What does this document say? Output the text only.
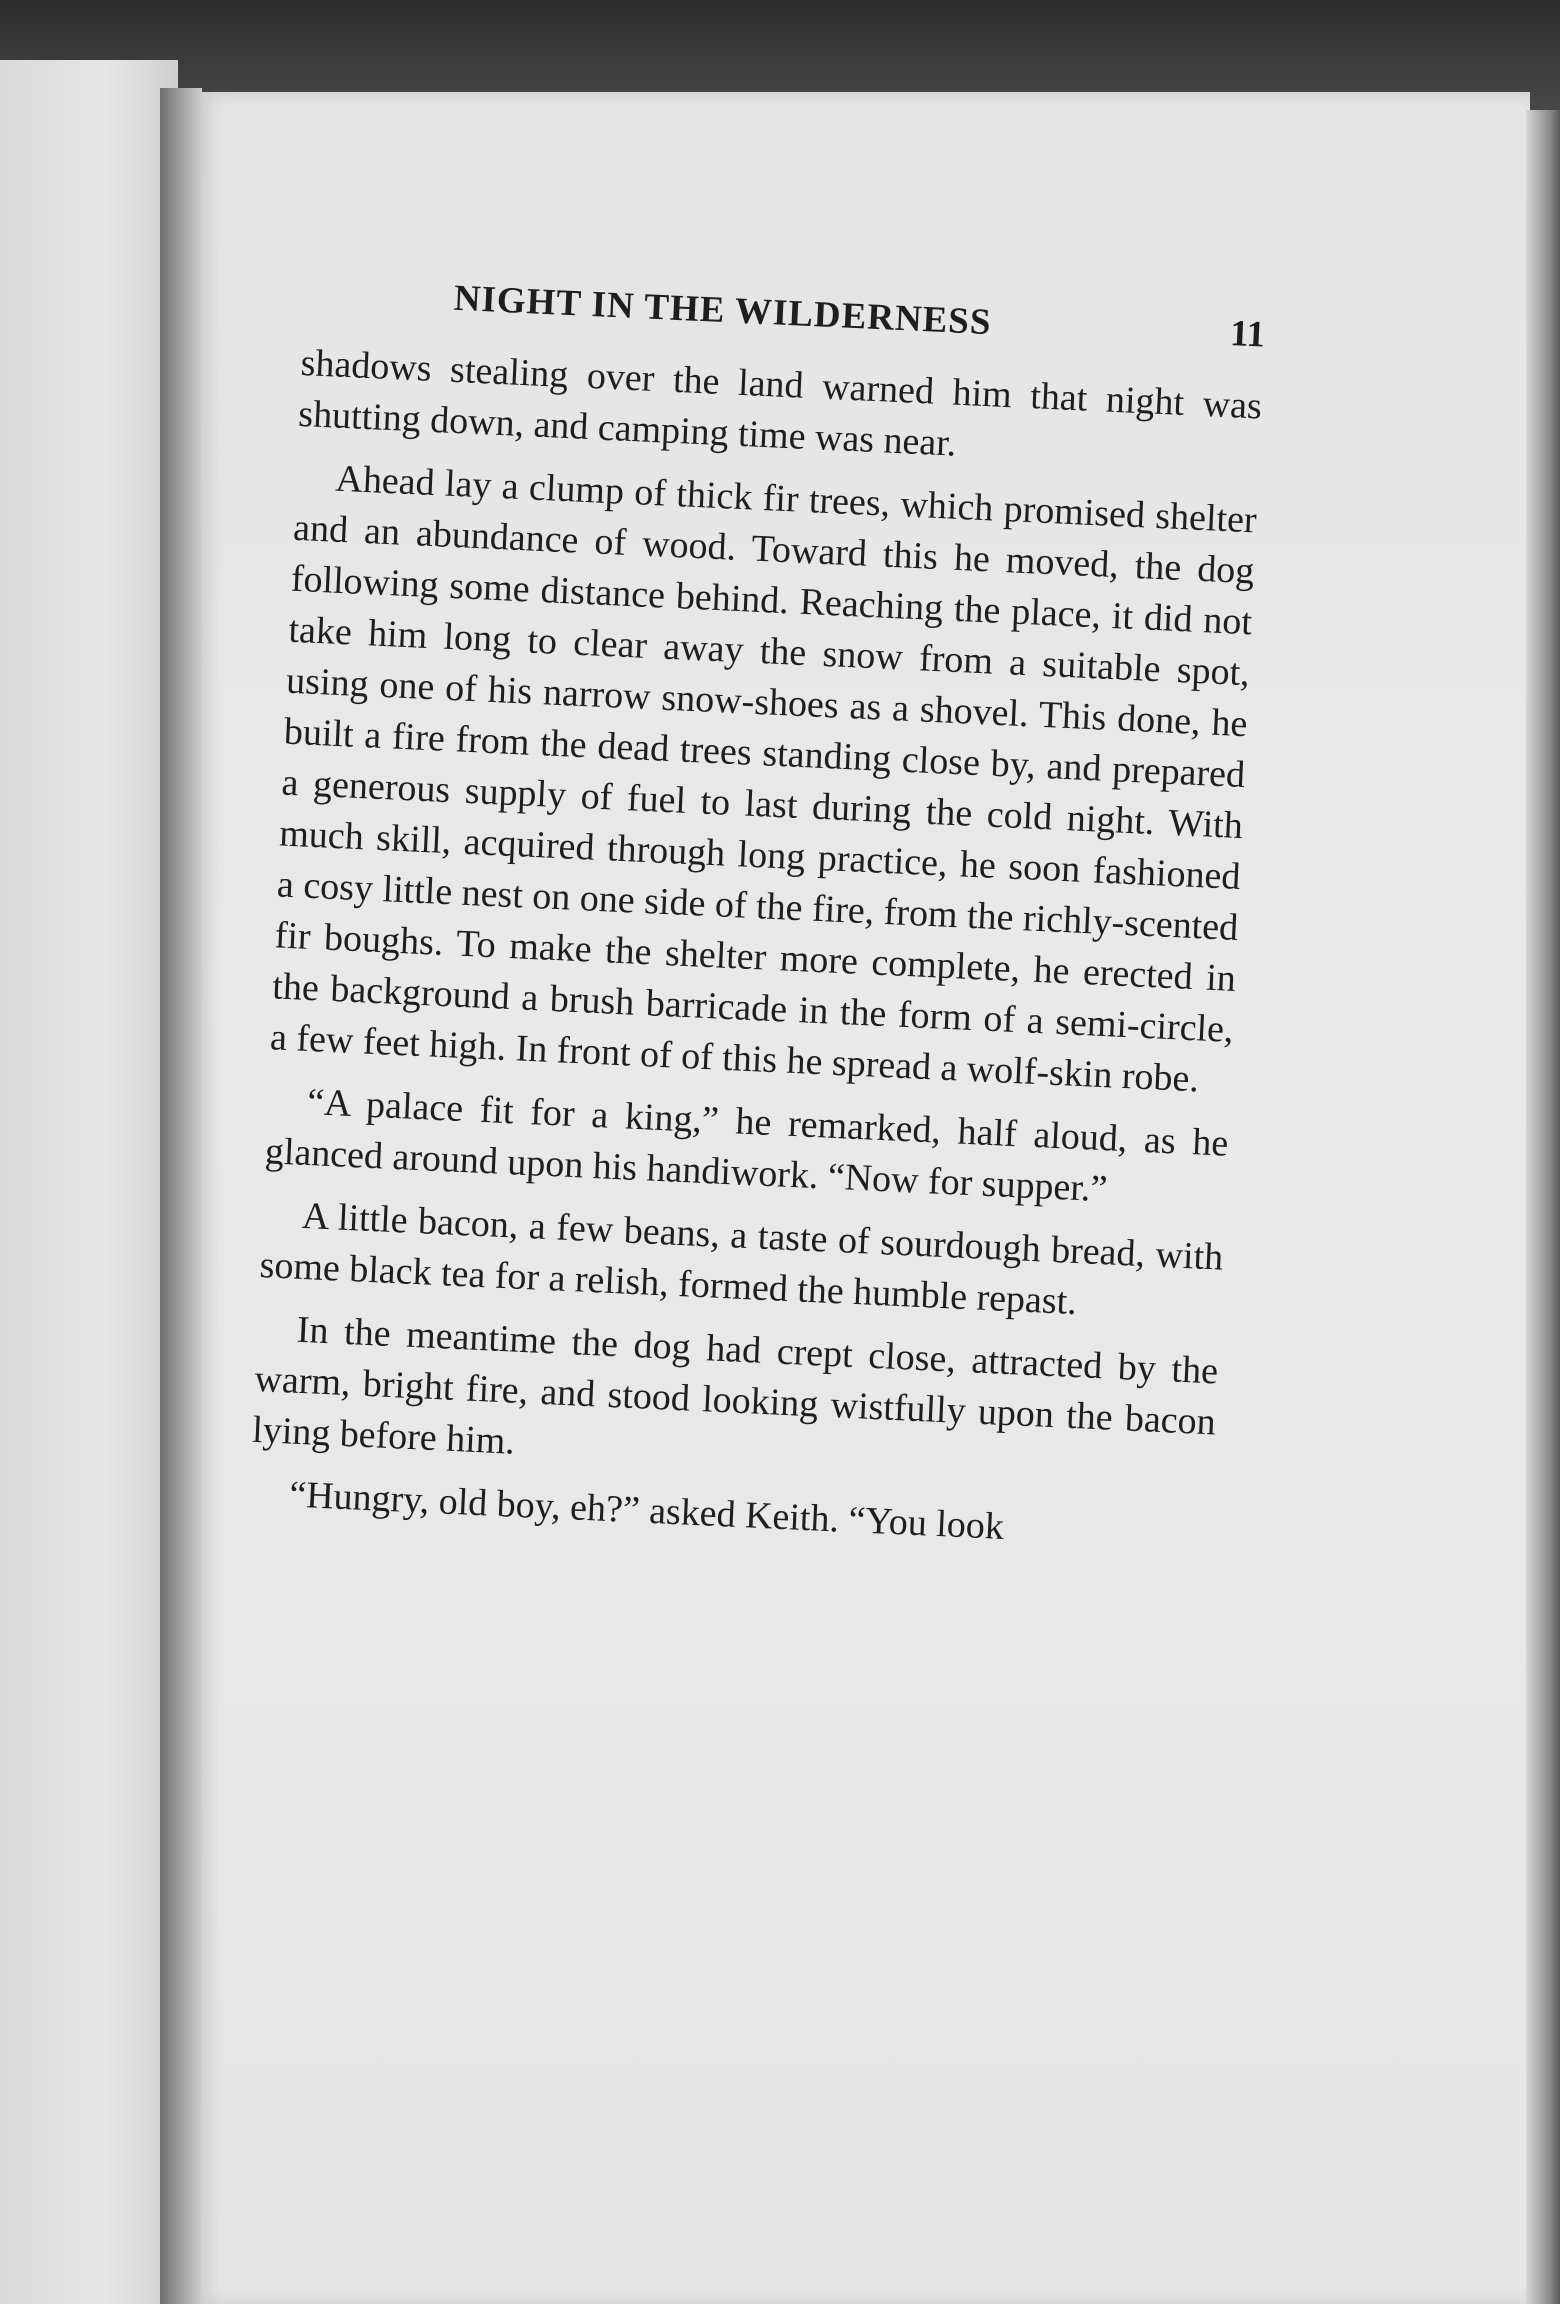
NIGHT IN THE WILDERNESS	11

shadows stealing over the land warned him that night was shutting down, and camping time was near.

Ahead lay a clump of thick fir trees, which promised shelter and an abundance of wood. Toward this he moved, the dog following some distance behind. Reaching the place, it did not take him long to clear away the snow from a suitable spot, using one of his narrow snow-shoes as a shovel. This done, he built a fire from the dead trees standing close by, and prepared a generous supply of fuel to last during the cold night. With much skill, acquired through long practice, he soon fashioned a cosy little nest on one side of the fire, from the richly-scented fir boughs. To make the shelter more complete, he erected in the background a brush barricade in the form of a semi-circle, a few feet high. In front of of this he spread a wolf-skin robe.

“A palace fit for a king,” he remarked, half aloud, as he glanced around upon his handiwork. “Now for supper.”

A little bacon, a few beans, a taste of sourdough bread, with some black tea for a relish, formed the humble repast.

In the meantime the dog had crept close, attracted by the warm, bright fire, and stood looking wistfully upon the bacon lying before him.

“Hungry, old boy, eh?” asked Keith. “You look
